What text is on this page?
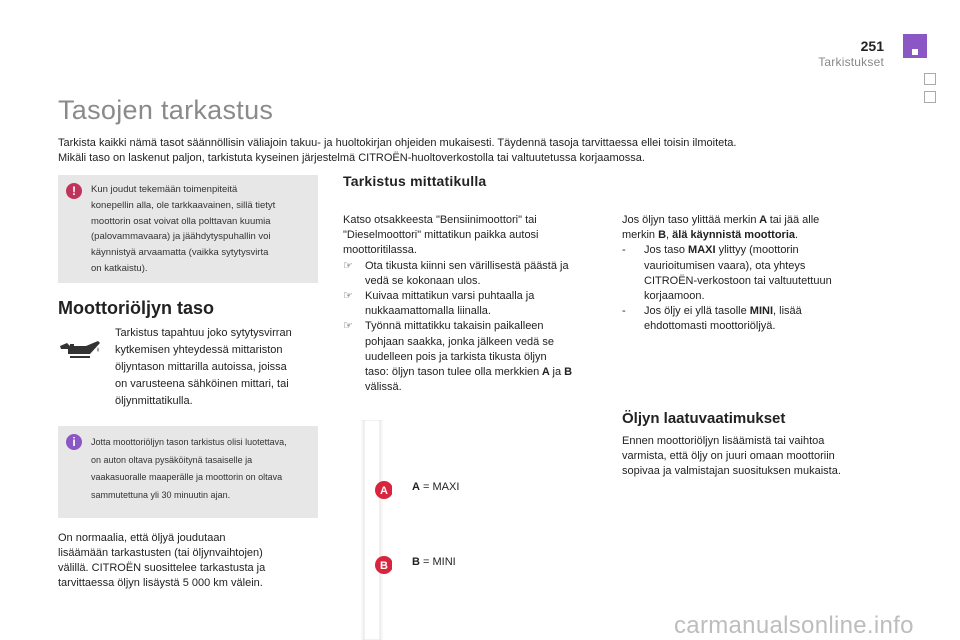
251
Tarkistukset
Tasojen tarkastus
Tarkista kaikki nämä tasot säännöllisin väliajoin takuu- ja huoltokirjan ohjeiden mukaisesti. Täydennä tasoja tarvittaessa ellei toisin ilmoiteta.
Mikäli taso on laskenut paljon, tarkistuta kyseinen järjestelmä CITROËN-huoltoverkostolla tai valtuutetussa korjaamossa.
!	Kun joudut tekemään toimenpiteitä
konepellin alla, ole tarkkaavainen, sillä tietyt
moottorin osat voivat olla polttavan kuumia
(palovammavaara) ja jäähdytyspuhallin voi
käynnistyä arvaamatta (vaikka sytytysvirta
on katkaistu).
Moottoriöljyn taso
Tarkistus tapahtuu joko sytytysvirran
kytkemisen yhteydessä mittariston
öljyntason mittarilla autoissa, joissa
on varusteena sähköinen mittari, tai
öljynmittatikulla.
i	Jotta moottoriöljyn tason tarkistus olisi luotettava,
on auton oltava pysäköitynä tasaiselle ja
vaakasuoralle maaperälle ja moottorin on oltava
sammutettuna yli 30 minuutin ajan.
On normaalia, että öljyä joudutaan
lisäämään tarkastusten (tai öljynvaihtojen)
välillä. CITROËN suosittelee tarkastusta ja
tarvittaessa öljyn lisäystä 5 000 km välein.
Tarkistus mittatikulla
Katso otsakkeesta "Bensiinimoottori" tai
"Dieselmoottori" mittatikun paikka autosi
moottoritilassa.
☞ Ota tikusta kiinni sen värillisestä päästä ja
vedä se kokonaan ulos.
☞ Kuivaa mittatikun varsi puhtaalla ja
nukkaamattomalla liinalla.
☞ Työnnä mittatikku takaisin paikalleen
pohjaan saakka, jonka jälkeen vedä se
uudelleen pois ja tarkista tikusta öljyn
taso: öljyn tason tulee olla merkkien A ja B
välissä.
A
B
A = MAXI
B = MINI
Jos öljyn taso ylittää merkin A tai jää alle
merkin B, älä käynnistä moottoria.
- Jos taso MAXI ylittyy (moottorin
vaurioitumisen vaara), ota yhteys
CITROËN-verkostoon tai valtuutettuun
korjaamoon.
- Jos öljy ei yllä tasolle MINI, lisää
ehdottomasti moottoriöljyä.
Öljyn laatuvaatimukset
Ennen moottoriöljyn lisäämistä tai vaihtoa
varmista, että öljy on juuri omaan moottoriin
sopivaa ja valmistajan suosituksen mukaista.
carmanualsonline.info
